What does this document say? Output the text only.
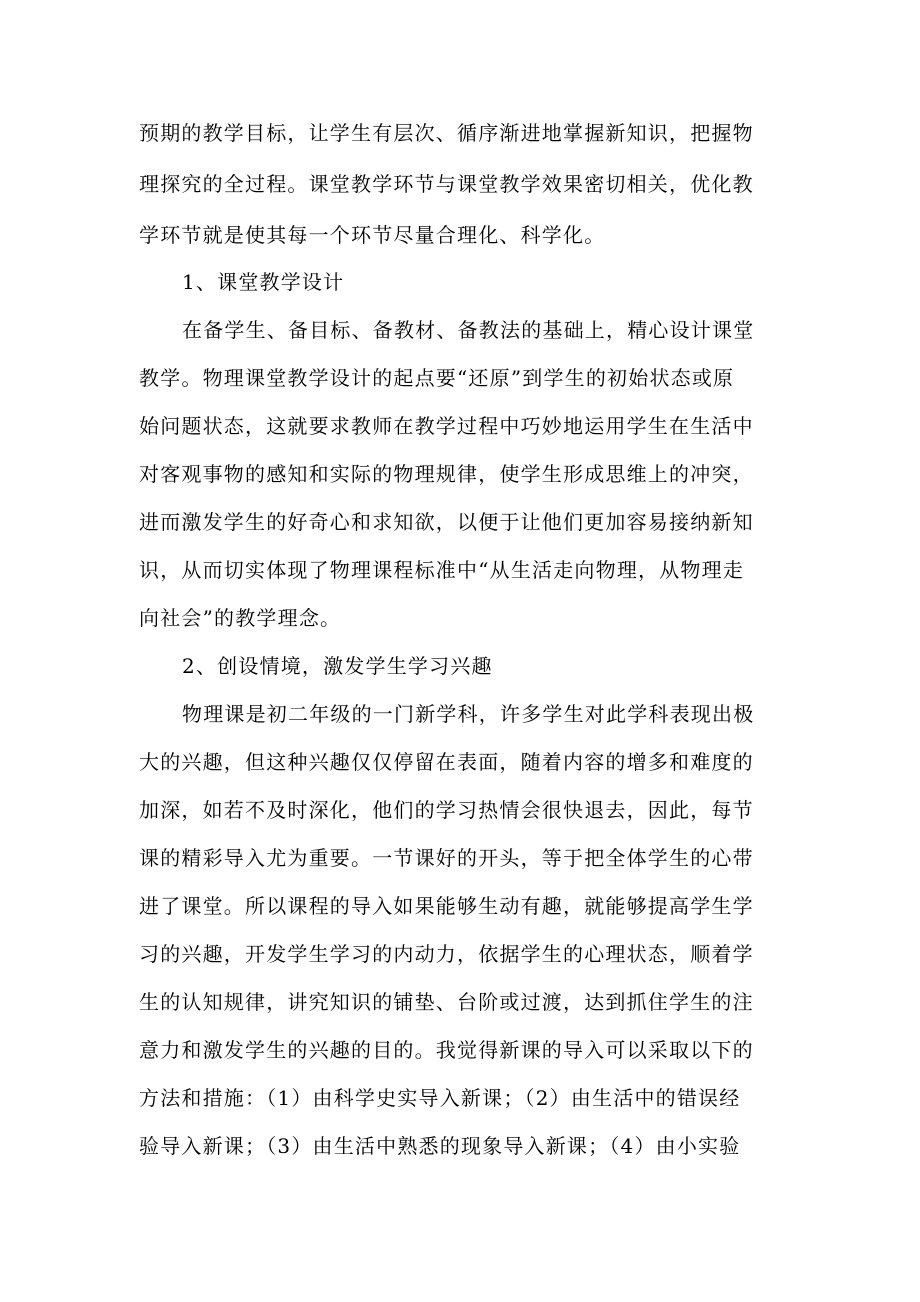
预期的教学目标，让学生有层次、循序渐进地掌握新知识，把握物
理探究的全过程。课堂教学环节与课堂教学效果密切相关，优化教
学环节就是使其每一个环节尽量合理化、科学化。
1、课堂教学设计
在备学生、备目标、备教材、备教法的基础上，精心设计课堂
教学。物理课堂教学设计的起点要“还原”到学生的初始状态或原
始问题状态，这就要求教师在教学过程中巧妙地运用学生在生活中
对客观事物的感知和实际的物理规律，使学生形成思维上的冲突，
进而激发学生的好奇心和求知欲，以便于让他们更加容易接纳新知
识，从而切实体现了物理课程标准中“从生活走向物理，从物理走
向社会”的教学理念。
2、创设情境，激发学生学习兴趣
物理课是初二年级的一门新学科，许多学生对此学科表现出极
大的兴趣，但这种兴趣仅仅停留在表面，随着内容的增多和难度的
加深，如若不及时深化，他们的学习热情会很快退去，因此，每节
课的精彩导入尤为重要。一节课好的开头，等于把全体学生的心带
进了课堂。所以课程的导入如果能够生动有趣，就能够提高学生学
习的兴趣，开发学生学习的内动力，依据学生的心理状态，顺着学
生的认知规律，讲究知识的铺垫、台阶或过渡，达到抓住学生的注
意力和激发学生的兴趣的目的。我觉得新课的导入可以采取以下的
方法和措施：（1）由科学史实导入新课；（2）由生活中的错误经
验导入新课；（3）由生活中熟悉的现象导入新课；（4）由小实验
